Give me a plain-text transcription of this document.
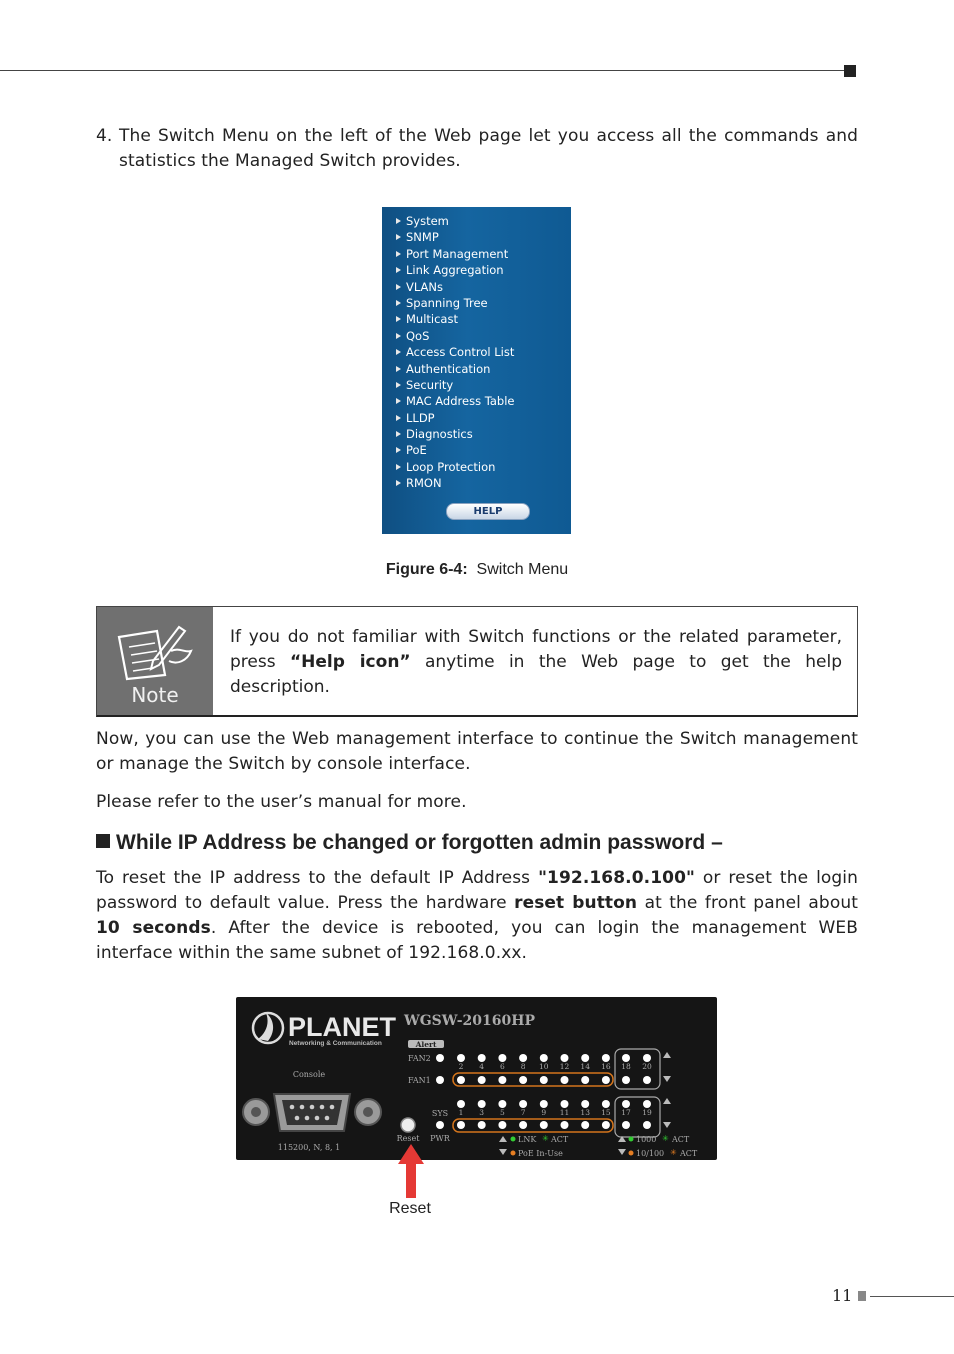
4. The Switch Menu on the left of the Web page let you access all the commands and statistics the Managed Switch provides.
System
SNMP
Port Management
Link Aggregation
VLANs
Spanning Tree
Multicast
QoS
Access Control List
Authentication
Security
MAC Address Table
LLDP
Diagnostics
PoE
Loop Protection
RMON
HELP
Figure 6-4: Switch Menu
Note
If you do not familiar with Switch functions or the related parameter, press “Help icon” anytime in the Web page to get the help description.
Now, you can use the Web management interface to continue the Switch management or manage the Switch by console interface.
Please refer to the user’s manual for more.
While IP Address be changed or forgotten admin password –
To reset the IP address to the default IP Address "192.168.0.100" or reset the login password to default value. Press the hardware reset button at the front panel about 10 seconds. After the device is rebooted, you can login the management WEB interface within the same subnet of 192.168.0.xx.
PLANET
Networking & Communication
WGSW-20160HP
Console
115200, N, 8, 1
Alert
FAN2
FAN1
SYS
Reset PWR
2 4 6 8 10 12 14 16
1 3 5 7 9 11 13 15
18 20
17 19
LNK ✳ ACT
PoE In-Use
1000 ✳ ACT
10/100 ✳ ACT
Reset
11
